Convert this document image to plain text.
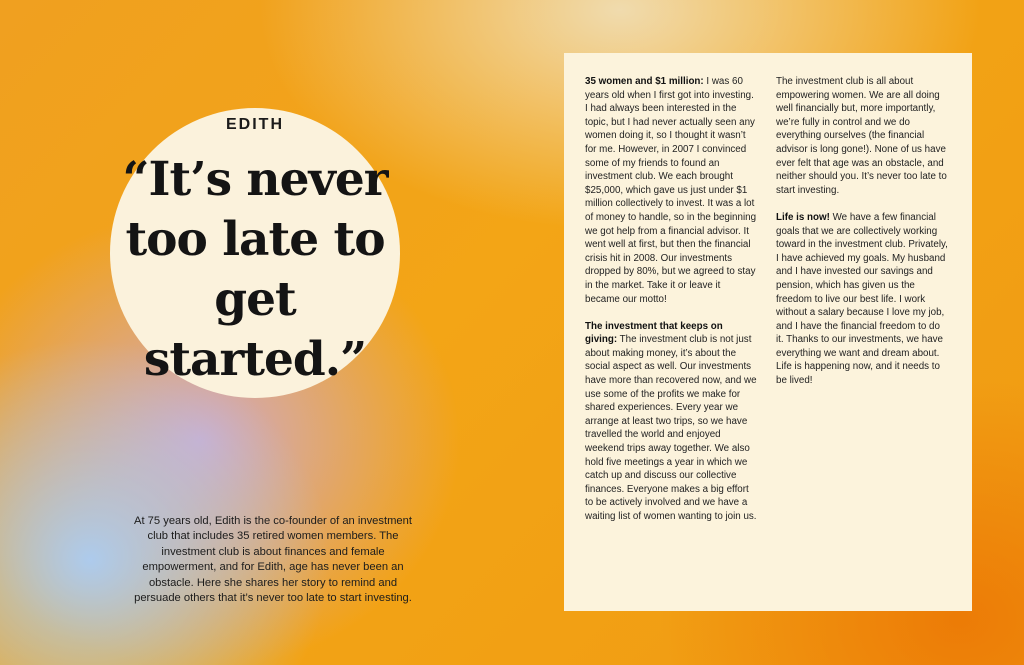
EDITH
“It’s never too late to get started.”

At 75 years old, Edith is the co-founder of an investment club that includes 35 retired women members. The investment club is about finances and female empowerment, and for Edith, age has never been an obstacle. Here she shares her story to remind and persuade others that it’s never too late to start investing.

35 women and $1 million: I was 60 years old when I first got into investing. I had always been interested in the topic, but I had never actually seen any women doing it, so I thought it wasn’t for me. However, in 2007 I convinced some of my friends to found an investment club. We each brought $25,000, which gave us just under $1 million collectively to invest. It was a lot of money to handle, so in the beginning we got help from a financial advisor. It went well at first, but then the financial crisis hit in 2008. Our investments dropped by 80%, but we agreed to stay in the market. Take it or leave it became our motto!

The investment that keeps on giving: The investment club is not just about making money, it’s about the social aspect as well. Our investments have more than recovered now, and we use some of the profits we make for shared experiences. Every year we arrange at least two trips, so we have travelled the world and enjoyed weekend trips away together. We also hold five meetings a year in which we catch up and discuss our collective finances. Everyone makes a big effort to be actively involved and we have a waiting list of women wanting to join us.

The investment club is all about empowering women. We are all doing well financially but, more importantly, we’re fully in control and we do everything ourselves (the financial advisor is long gone!). None of us have ever felt that age was an obstacle, and neither should you. It’s never too late to start investing.

Life is now! We have a few financial goals that we are collectively working toward in the investment club. Privately, I have achieved my goals. My husband and I have invested our savings and pension, which has given us the freedom to live our best life. I work without a salary because I love my job, and I have the financial freedom to do it. Thanks to our investments, we have everything we want and dream about. Life is happening now, and it needs to be lived!
